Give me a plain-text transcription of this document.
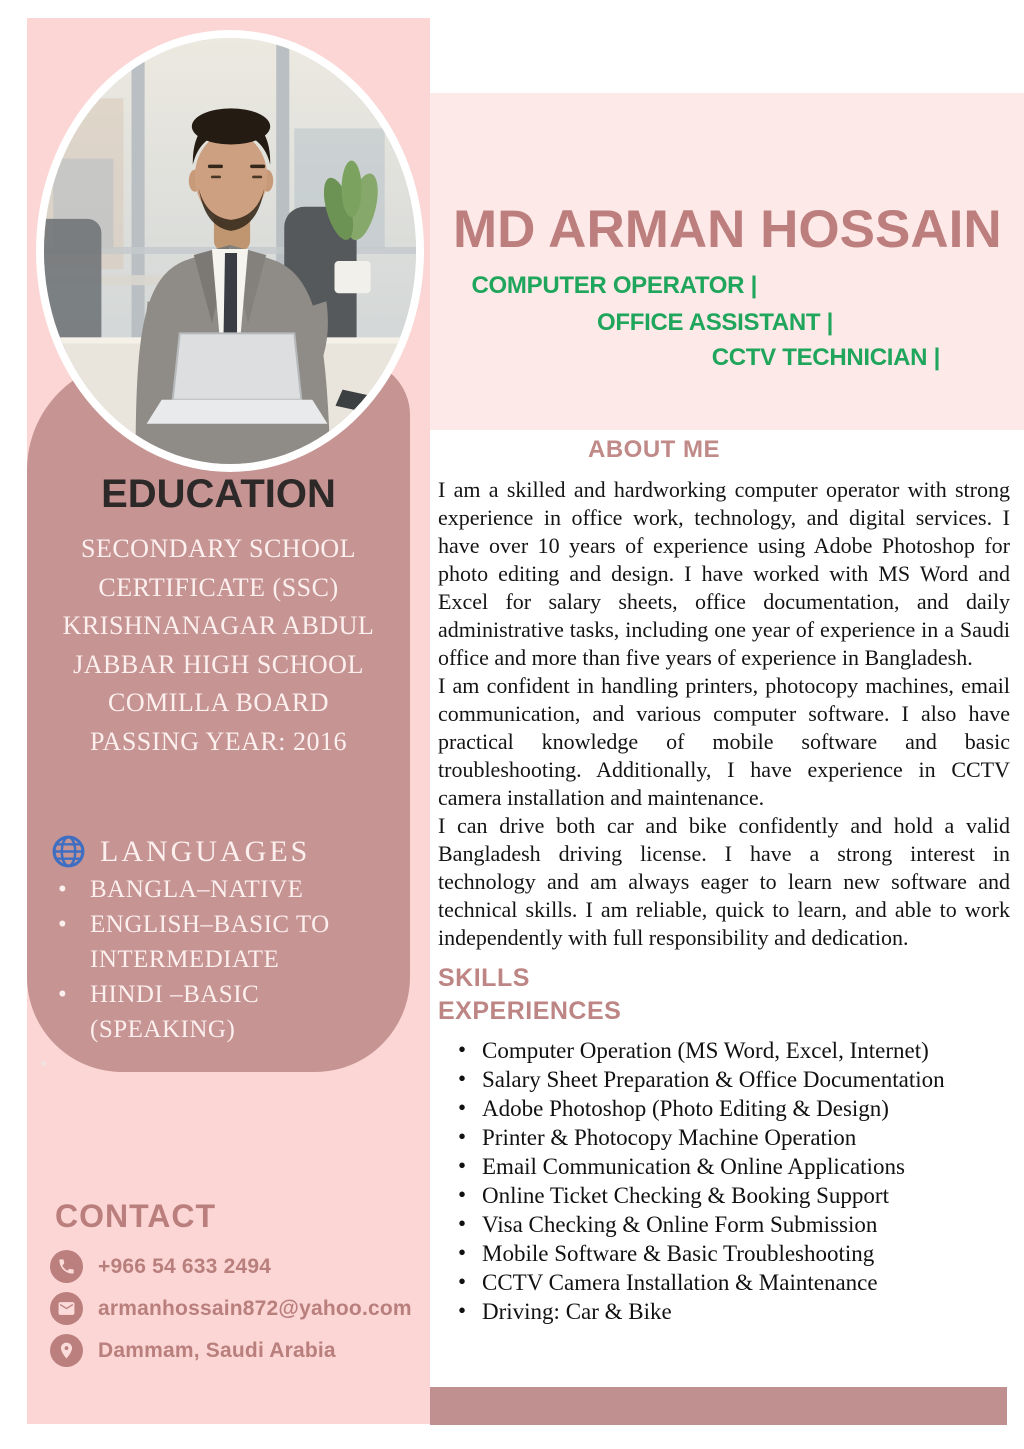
EDUCATION
SECONDARY SCHOOL
CERTIFICATE (SSC)
KRISHNANAGAR ABDUL
JABBAR HIGH SCHOOL
COMILLA BOARD
PASSING YEAR: 2016
LANGUAGES
• BANGLA–NATIVE
• ENGLISH–BASIC TO INTERMEDIATE
• HINDI –BASIC (SPEAKING)
CONTACT
+966 54 633 2494
armanhossain872@yahoo.com
Dammam, Saudi Arabia
MD ARMAN HOSSAIN
COMPUTER OPERATOR |
OFFICE ASSISTANT |
CCTV TECHNICIAN |
ABOUT ME

I am a skilled and hardworking computer operator with strong experience in office work, technology, and digital services. I have over 10 years of experience using Adobe Photoshop for photo editing and design. I have worked with MS Word and Excel for salary sheets, office documentation, and daily administrative tasks, including one year of experience in a Saudi office and more than five years of experience in Bangladesh.

I am confident in handling printers, photocopy machines, email communication, and various computer software. I also have practical knowledge of mobile software and basic troubleshooting. Additionally, I have experience in CCTV camera installation and maintenance.

I can drive both car and bike confidently and hold a valid Bangladesh driving license. I have a strong interest in technology and am always eager to learn new software and technical skills. I am reliable, quick to learn, and able to work independently with full responsibility and dedication.

SKILLS
EXPERIENCES
• Computer Operation (MS Word, Excel, Internet)
• Salary Sheet Preparation & Office Documentation
• Adobe Photoshop (Photo Editing & Design)
• Printer & Photocopy Machine Operation
• Email Communication & Online Applications
• Online Ticket Checking & Booking Support
• Visa Checking & Online Form Submission
• Mobile Software & Basic Troubleshooting
• CCTV Camera Installation & Maintenance
• Driving: Car & Bike
